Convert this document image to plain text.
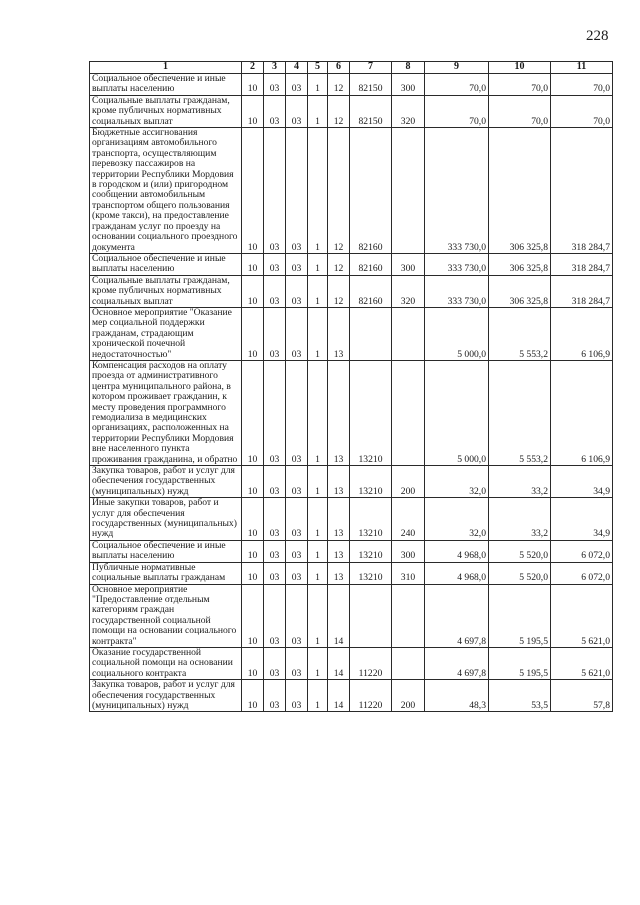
228
1	2	3	4	5	6	7	8	9	10	11
Социальное обеспечение и иные выплаты населению	10	03	03	1	12	82150	300	70,0	70,0	70,0
Социальные выплаты гражданам, кроме публичных нормативных социальных выплат	10	03	03	1	12	82150	320	70,0	70,0	70,0
Бюджетные ассигнования организациям автомобильного транспорта, осуществляющим перевозку пассажиров на территории Республики Мордовия в городском и (или) пригородном сообщении автомобильным транспортом общего пользования (кроме такси), на предоставление гражданам услуг по проезду на основании социального проездного документа	10	03	03	1	12	82160		333 730,0	306 325,8	318 284,7
Социальное обеспечение и иные выплаты населению	10	03	03	1	12	82160	300	333 730,0	306 325,8	318 284,7
Социальные выплаты гражданам, кроме публичных нормативных социальных выплат	10	03	03	1	12	82160	320	333 730,0	306 325,8	318 284,7
Основное мероприятие "Оказание мер социальной поддержки гражданам, страдающим хронической почечной недостаточностью"	10	03	03	1	13			5 000,0	5 553,2	6 106,9
Компенсация расходов на оплату проезда от административного центра муниципального района, в котором проживает гражданин, к месту проведения программного гемодиализа в медицинских организациях, расположенных на территории Республики Мордовия вне населенного пункта проживания гражданина, и обратно	10	03	03	1	13	13210		5 000,0	5 553,2	6 106,9
Закупка товаров, работ и услуг для обеспечения государственных (муниципальных) нужд	10	03	03	1	13	13210	200	32,0	33,2	34,9
Иные закупки товаров, работ и услуг для обеспечения государственных (муниципальных) нужд	10	03	03	1	13	13210	240	32,0	33,2	34,9
Социальное обеспечение и иные выплаты населению	10	03	03	1	13	13210	300	4 968,0	5 520,0	6 072,0
Публичные нормативные социальные выплаты гражданам	10	03	03	1	13	13210	310	4 968,0	5 520,0	6 072,0
Основное мероприятие "Предоставление отдельным категориям граждан государственной социальной помощи на основании социального контракта"	10	03	03	1	14			4 697,8	5 195,5	5 621,0
Оказание государственной социальной помощи на основании социального контракта	10	03	03	1	14	11220		4 697,8	5 195,5	5 621,0
Закупка товаров, работ и услуг для обеспечения государственных (муниципальных) нужд	10	03	03	1	14	11220	200	48,3	53,5	57,8
